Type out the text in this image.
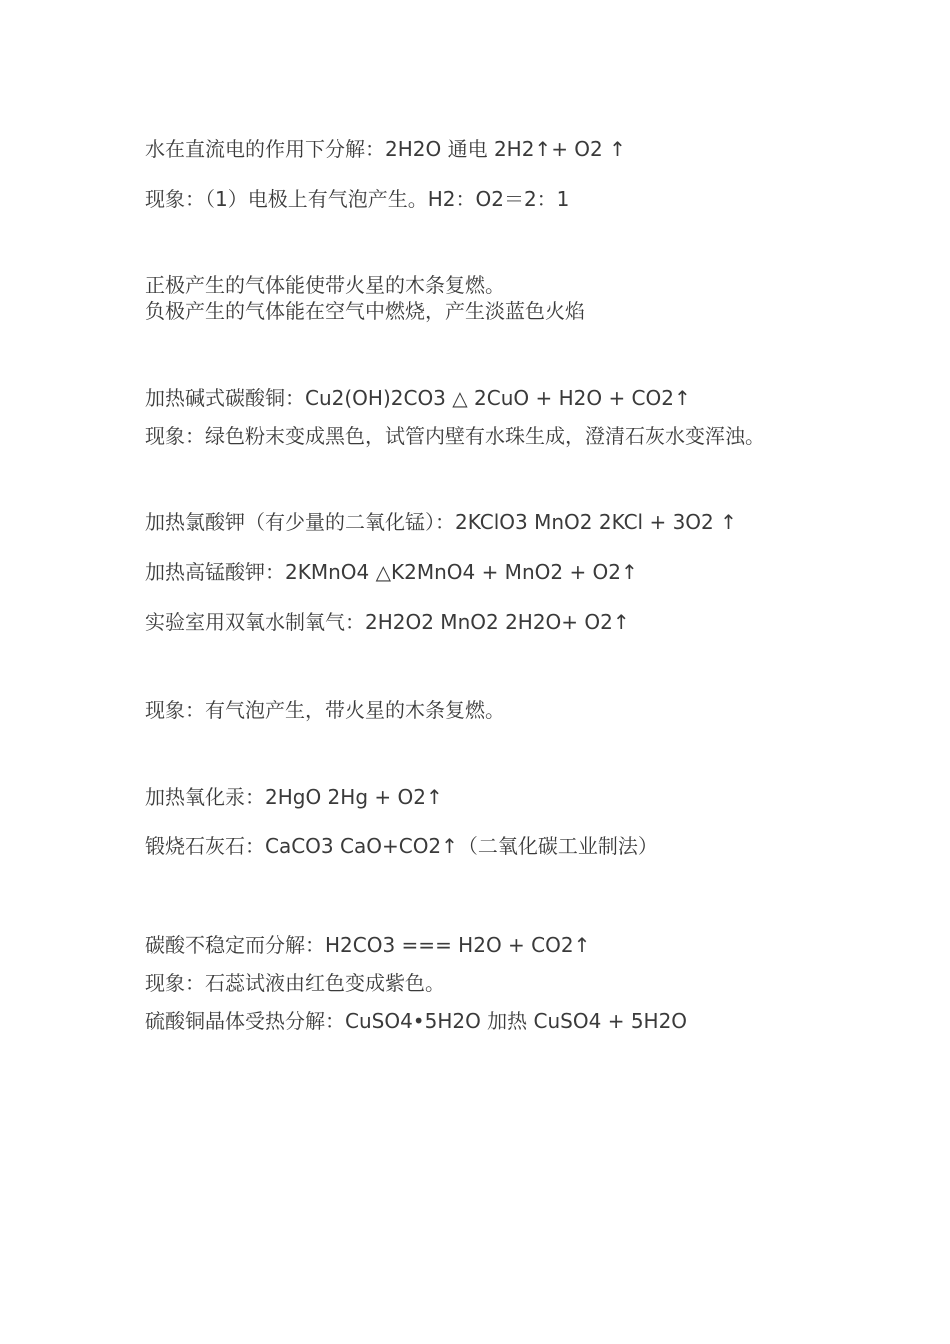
水在直流电的作用下分解：2H2O 通电 2H2↑+ O2 ↑
现象：（1）电极上有气泡产生。H2：O2＝2：1
正极产生的气体能使带火星的木条复燃。
负极产生的气体能在空气中燃烧，产生淡蓝色火焰
加热碱式碳酸铜：Cu2(OH)2CO3 △ 2CuO + H2O + CO2↑
现象：绿色粉末变成黑色，试管内壁有水珠生成，澄清石灰水变浑浊。
加热氯酸钾（有少量的二氧化锰）：2KClO3 MnO2 2KCl + 3O2 ↑
加热高锰酸钾：2KMnO4 △K2MnO4 + MnO2 + O2↑
实验室用双氧水制氧气：2H2O2 MnO2 2H2O+ O2↑
现象：有气泡产生，带火星的木条复燃。
加热氧化汞：2HgO 2Hg + O2↑
锻烧石灰石：CaCO3 CaO+CO2↑（二氧化碳工业制法）
碳酸不稳定而分解：H2CO3 === H2O + CO2↑
现象：石蕊试液由红色变成紫色。
硫酸铜晶体受热分解：CuSO4•5H2O 加热 CuSO4 + 5H2O
